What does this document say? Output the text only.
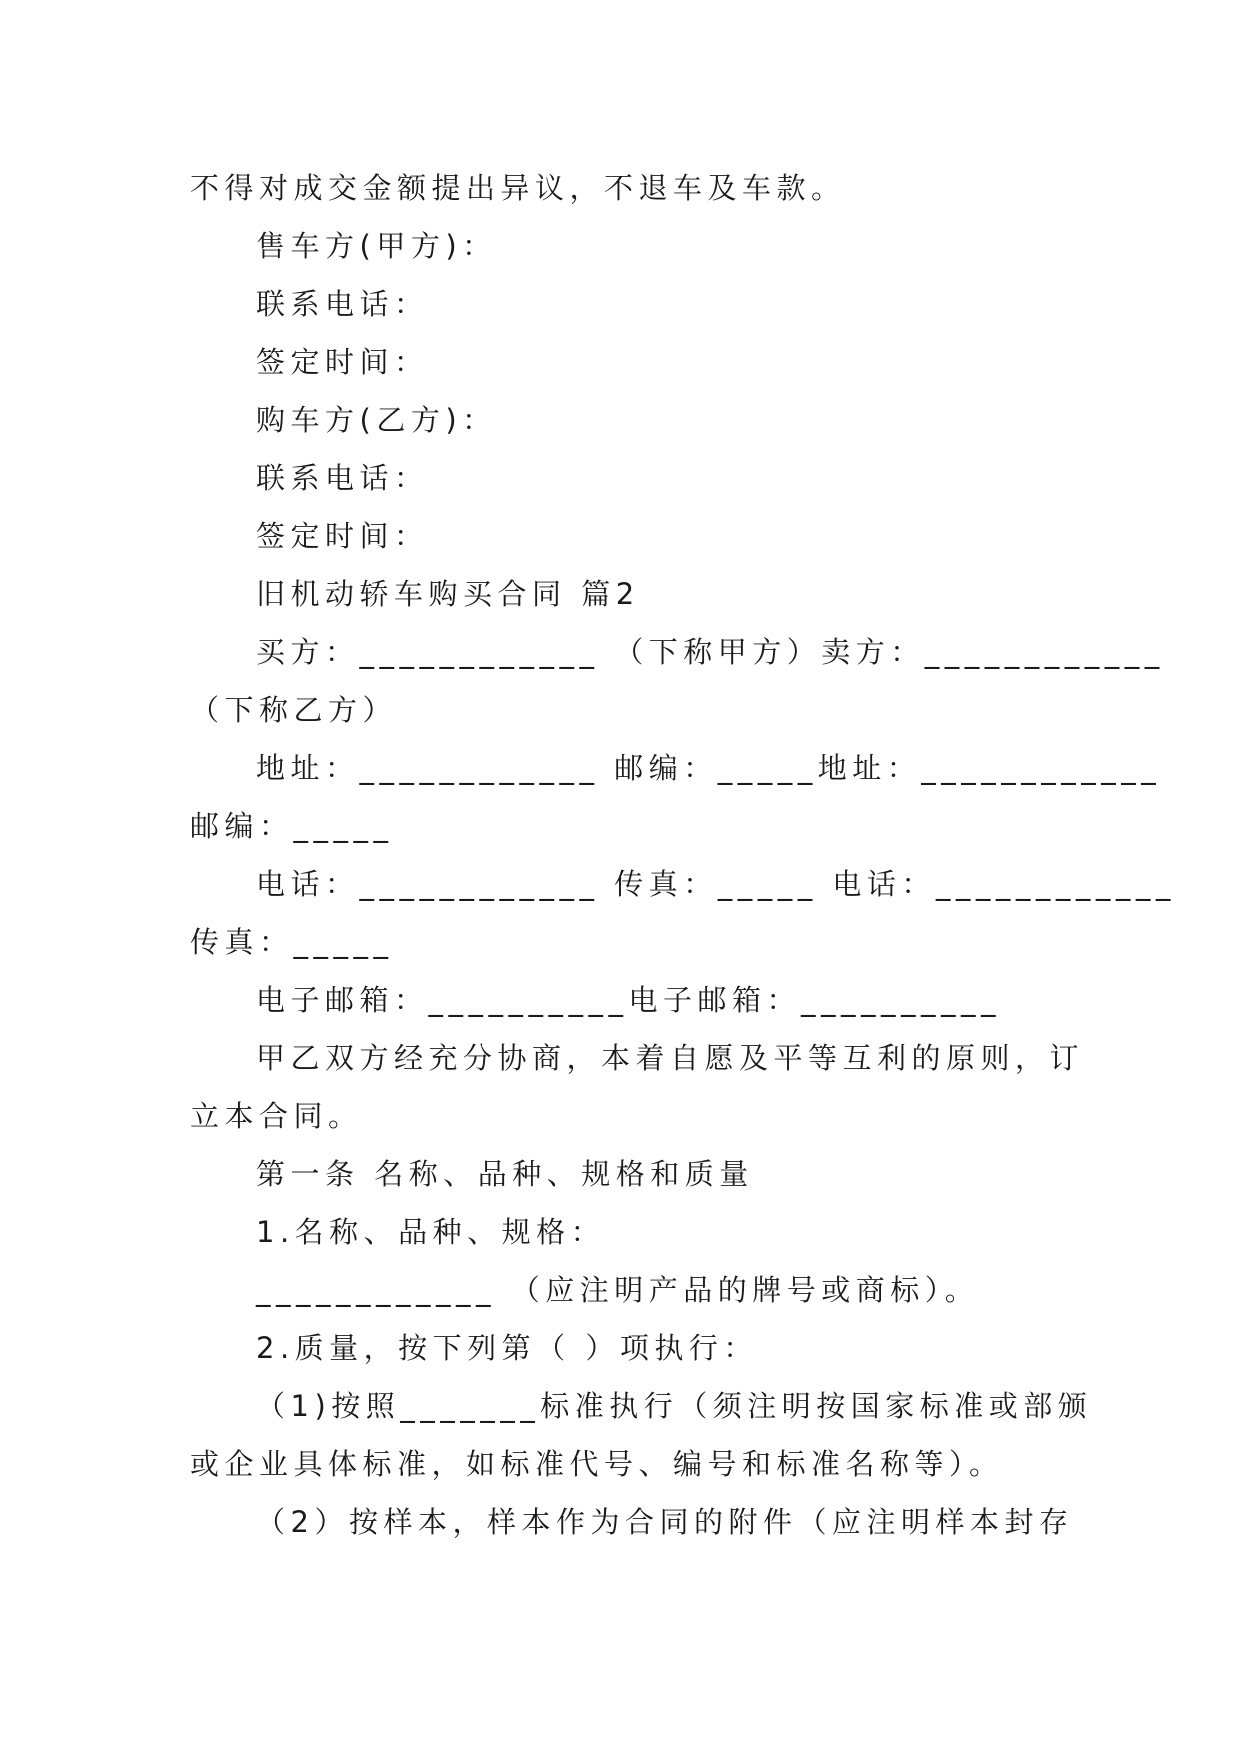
不得对成交金额提出异议，不退车及车款。
售车方(甲方)：
联系电话：
签定时间：
购车方(乙方)：
联系电话：
签定时间：
旧机动轿车购买合同 篇2
买方：____________ （下称甲方）卖方：____________
（下称乙方）
地址：____________ 邮编：_____地址：____________
邮编：_____
电话：____________ 传真：_____ 电话：____________
传真：_____
电子邮箱：__________电子邮箱：__________
甲乙双方经充分协商，本着自愿及平等互利的原则，订
立本合同。
第一条 名称、品种、规格和质量
1.名称、品种、规格：
____________ （应注明产品的牌号或商标）。
2.质量，按下列第（ ）项执行：
（1)按照_______标准执行（须注明按国家标准或部颁
或企业具体标准，如标准代号、编号和标准名称等）。
（2）按样本，样本作为合同的附件（应注明样本封存
